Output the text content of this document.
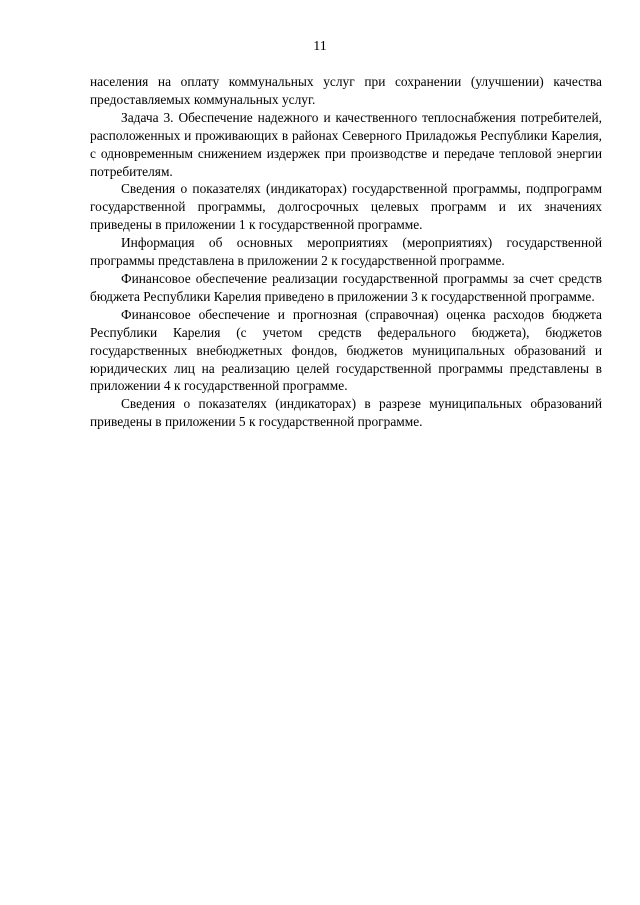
11

населения на оплату коммунальных услуг при сохранении (улучшении) качества предоставляемых коммунальных услуг.

Задача 3. Обеспечение надежного и качественного теплоснабжения потребителей, расположенных и проживающих в районах Северного Приладожья Республики Карелия, с одновременным снижением издержек при производстве и передаче тепловой энергии потребителям.

Сведения о показателях (индикаторах) государственной программы, подпрограмм государственной программы, долгосрочных целевых программ и их значениях приведены в приложении 1 к государственной программе.

Информация об основных мероприятиях (мероприятиях) государственной программы представлена в приложении 2 к государственной программе.

Финансовое обеспечение реализации государственной программы за счет средств бюджета Республики Карелия приведено в приложении 3 к государственной программе.

Финансовое обеспечение и прогнозная (справочная) оценка расходов бюджета Республики Карелия (с учетом средств федерального бюджета), бюджетов государственных внебюджетных фондов, бюджетов муниципальных образований и юридических лиц на реализацию целей государственной программы представлены в приложении 4 к государственной программе.

Сведения о показателях (индикаторах) в разрезе муниципальных образований приведены в приложении 5 к государственной программе.
